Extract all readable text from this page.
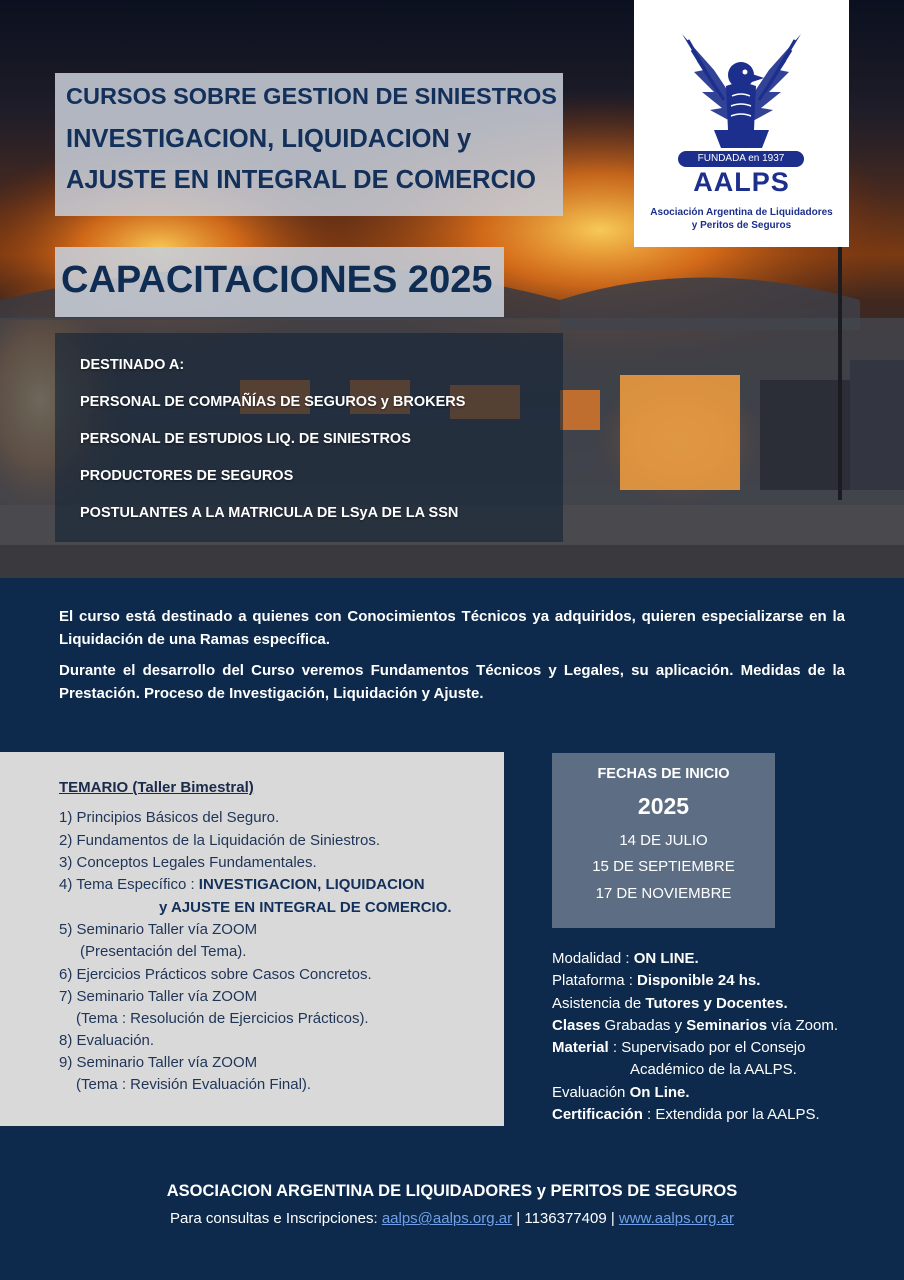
CURSOS SOBRE GESTION DE SINIESTROS
INVESTIGACION, LIQUIDACION y
AJUSTE EN INTEGRAL DE COMERCIO
CAPACITACIONES 2025
DESTINADO A:
PERSONAL DE COMPAÑÍAS DE SEGUROS y BROKERS
PERSONAL DE ESTUDIOS LIQ. DE SINIESTROS
PRODUCTORES DE SEGUROS
POSTULANTES A LA MATRICULA DE LSyA DE LA SSN
FUNDADA en 1937
AALPS
Asociación Argentina de Liquidadores
y Peritos de Seguros

El curso está destinado a quienes con Conocimientos Técnicos ya adquiridos, quieren especializarse en la Liquidación de una Ramas específica.

Durante el desarrollo del Curso veremos Fundamentos Técnicos y Legales, su aplicación. Medidas de la Prestación. Proceso de Investigación, Liquidación y Ajuste.

TEMARIO (Taller Bimestral)
1) Principios Básicos del Seguro.
2) Fundamentos de la Liquidación de Siniestros.
3) Conceptos Legales Fundamentales.
4) Tema Específico : INVESTIGACION, LIQUIDACION
y AJUSTE EN INTEGRAL DE COMERCIO.
5) Seminario Taller vía ZOOM
(Presentación del Tema).
6) Ejercicios Prácticos sobre Casos Concretos.
7) Seminario Taller vía ZOOM
(Tema : Resolución de Ejercicios Prácticos).
8) Evaluación.
9) Seminario Taller vía ZOOM
(Tema : Revisión Evaluación Final).
FECHAS DE INICIO
2025
14 DE JULIO
15 DE SEPTIEMBRE
17 DE NOVIEMBRE
Modalidad : ON LINE.
Plataforma : Disponible 24 hs.
Asistencia de Tutores y Docentes.
Clases Grabadas y Seminarios vía Zoom.
Material : Supervisado por el Consejo
Académico de la AALPS.
Evaluación On Line.
Certificación : Extendida por la AALPS.
ASOCIACION ARGENTINA DE LIQUIDADORES y PERITOS DE SEGUROS
Para consultas e Inscripciones: aalps@aalps.org.ar | 1136377409 | www.aalps.org.ar
